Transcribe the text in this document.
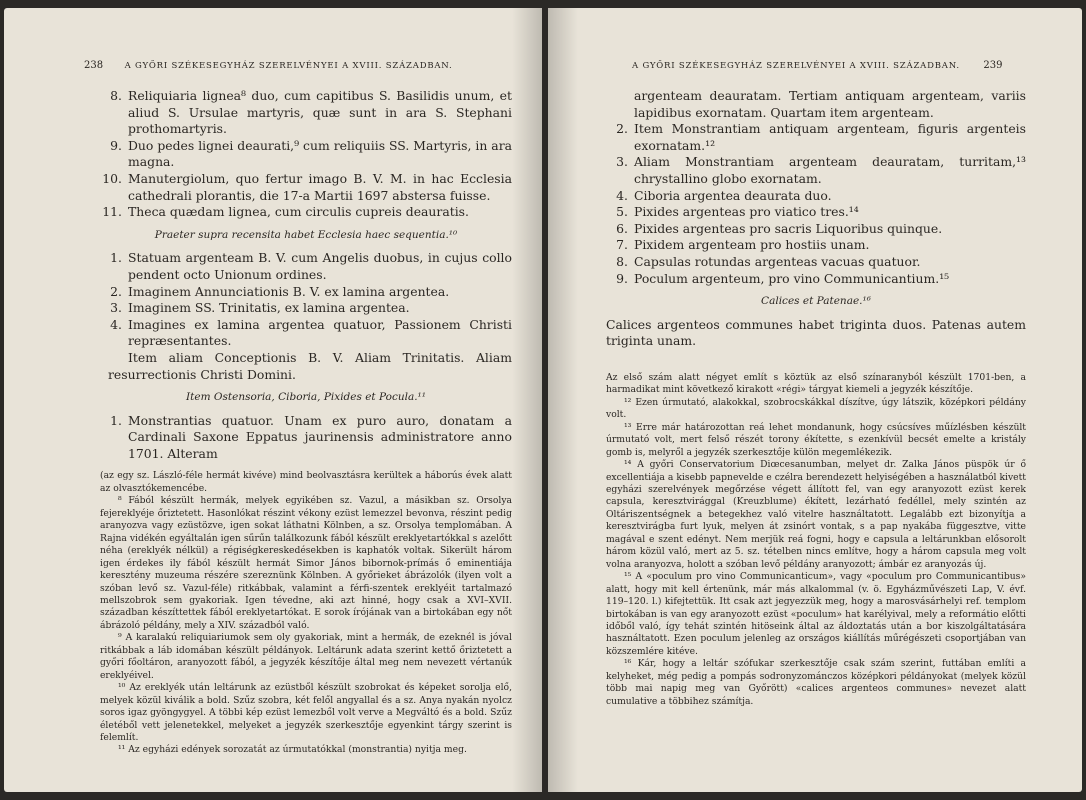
238	A GYŐRI SZÉKESEGYHÁZ SZERELVÉNYEI A XVIII. SZÁZADBAN.
8. Reliquiaria lignea⁸ duo, cum capitibus S. Basilidis unum, et aliud S. Ursulae martyris, quæ sunt in ara S. Stephani prothomartyris.
9. Duo pedes lignei deaurati,⁹ cum reliquiis SS. Martyris, in ara magna.
10. Manutergiolum, quo fertur imago B. V. M. in hac Ecclesia cathedrali plorantis, die 17-a Martii 1697 abstersa fuisse.
11. Theca quædam lignea, cum circulis cupreis deauratis.
Praeter supra recensita habet Ecclesia haec sequentia.¹⁰
1. Statuam argenteam B. V. cum Angelis duobus, in cujus collo pendent octo Unionum ordines.
2. Imaginem Annunciationis B. V. ex lamina argentea.
3. Imaginem SS. Trinitatis, ex lamina argentea.
4. Imagines ex lamina argentea quatuor, Passionem Christi repræsentantes.
Item aliam Conceptionis B. V. Aliam Trinitatis. Aliam resurrectionis Christi Domini.
Item Ostensoria, Ciboria, Pixides et Pocula.¹¹
1. Monstrantias quatuor. Unam ex puro auro, donatam a Cardinali Saxone Eppatus jaurinensis administratore anno 1701. Alteram

(az egy sz. László-féle hermát kivéve) mind beolvasztásra kerültek a háborús évek alatt az olvasztókemencébe.

⁸ Fából készült hermák, melyek egyikében sz. Vazul, a másikban sz. Orsolya fejereklyéje őriztetett. Hasonlókat részint vékony ezüst lemezzel bevonva, részint pedig aranyozva vagy ezüstözve, igen sokat láthatni Kölnben, a sz. Orsolya templomában. A Rajna vidékén egyáltalán igen sűrűn találkozunk fából készült ereklyetartókkal s azelőtt néha (ereklyék nélkül) a régiségkereskedésekben is kaphatók voltak. Sikerült három igen érdekes ily fából készült hermát Simor János bibornok-prímás ő eminentiája keresztény muzeuma részére szereznünk Kölnben. A győrieket ábrázolók (ilyen volt a szóban levő sz. Vazul-féle) ritkábbak, valamint a férfi-szentek ereklyéit tartalmazó mellszobrok sem gyakoriak. Igen tévedne, aki azt hinné, hogy csak a XVI–XVII. században készíttettek fából ereklyetartókat. E sorok írójának van a birtokában egy nőt ábrázoló példány, mely a XIV. századból való.

⁹ A karalakú reliquiariumok sem oly gyakoriak, mint a hermák, de ezeknél is jóval ritkábbak a láb idomában készült példányok. Leltárunk adata szerint kettő őriztetett a győri főoltáron, aranyozott fából, a jegyzék készítője által meg nem nevezett vértanúk ereklyéivel.

¹⁰ Az ereklyék után leltárunk az ezüstből készült szobrokat és képeket sorolja elő, melyek közül kiválik a bold. Szűz szobra, két felől angyallal és a sz. Anya nyakán nyolcz soros igaz gyöngygyel. A többi kép ezüst lemezből volt verve a Megváltó és a bold. Szűz életéből vett jelenetekkel, melyeket a jegyzék szerkesztője egyenkint tárgy szerint is felemlít.

¹¹ Az egyházi edények sorozatát az úrmutatókkal (monstrantia) nyitja meg.

A GYŐRI SZÉKESEGYHÁZ SZERELVÉNYEI A XVIII. SZÁZADBAN. 239
argenteam deauratam. Tertiam antiquam argenteam, variis lapidibus exornatam. Quartam item argenteam.
2. Item Monstrantiam antiquam argenteam, figuris argenteis exornatam.¹²
3. Aliam Monstrantiam argenteam deauratam, turritam,¹³ chrystallino globo exornatam.
4. Ciboria argentea deaurata duo.
5. Pixides argenteas pro viatico tres.¹⁴
6. Pixides argenteas pro sacris Liquoribus quinque.
7. Pixidem argenteam pro hostiis unam.
8. Capsulas rotundas argenteas vacuas quatuor.
9. Poculum argenteum, pro vino Communicantium.¹⁵
Calices et Patenae.¹⁶
Calices argenteos communes habet triginta duos. Patenas autem triginta unam.

Az első szám alatt négyet említ s köztük az első színaranyból készült 1701-ben, a harmadikat mint következő kirakott «régi» tárgyat kiemeli a jegyzék készítője.

¹² Ezen úrmutató, alakokkal, szobrocskákkal díszítve, úgy látszik, középkori példány volt.

¹³ Erre már határozottan reá lehet mondanunk, hogy csúcsíves műízlésben készült úrmutató volt, mert felső részét torony ékítette, s ezenkívül becsét emelte a kristály gomb is, melyről a jegyzék szerkesztője külön megemlékezik.

¹⁴ A győri Conservatorium Diœcesanumban, melyet dr. Zalka János püspök úr ő excellentiája a kisebb papnevelde e czélra berendezett helyiségében a használatból kivett egyházi szerelvények megőrzése végett állított fel, van egy aranyozott ezüst kerek capsula, keresztvirággal (Kreuzblume) ékített, lezárható fedéllel, mely szintén az Oltáriszentségnek a betegekhez való vitelre használtatott. Legalább ezt bizonyítja a keresztvirágba furt lyuk, melyen át zsinórt vontak, s a pap nyakába függesztve, vitte magával e szent edényt. Nem merjük reá fogni, hogy e capsula a leltárunkban elősorolt három közül való, mert az 5. sz. tételben nincs említve, hogy a három capsula meg volt volna aranyozva, holott a szóban levő példány aranyozott; ámbár ez aranyozás új.

¹⁵ A «poculum pro vino Communicanticum», vagy «poculum pro Communicantibus» alatt, hogy mit kell értenünk, már más alkalommal (v. ö. Egyházművészeti Lap, V. évf. 119–120. l.) kifejtettük. Itt csak azt jegyezzük meg, hogy a marosvásárhelyi ref. templom birtokában is van egy aranyozott ezüst «poculum» hat karélyival, mely a reformátio előtti időből való, így tehát szintén hitöseink által az áldoztatás után a bor kiszolgáltatására használtatott. Ezen poculum jelenleg az országos kiállítás műrégészeti csoportjában van közszemlére kitéve.

¹⁶ Kár, hogy a leltár szófukar szerkesztője csak szám szerint, futtában említi a kelyheket, még pedig a pompás sodronyzománczos középkori példányokat (melyek közül több mai napig meg van Győrött) «calices argenteos communes» nevezet alatt cumulative a többihez számítja.
